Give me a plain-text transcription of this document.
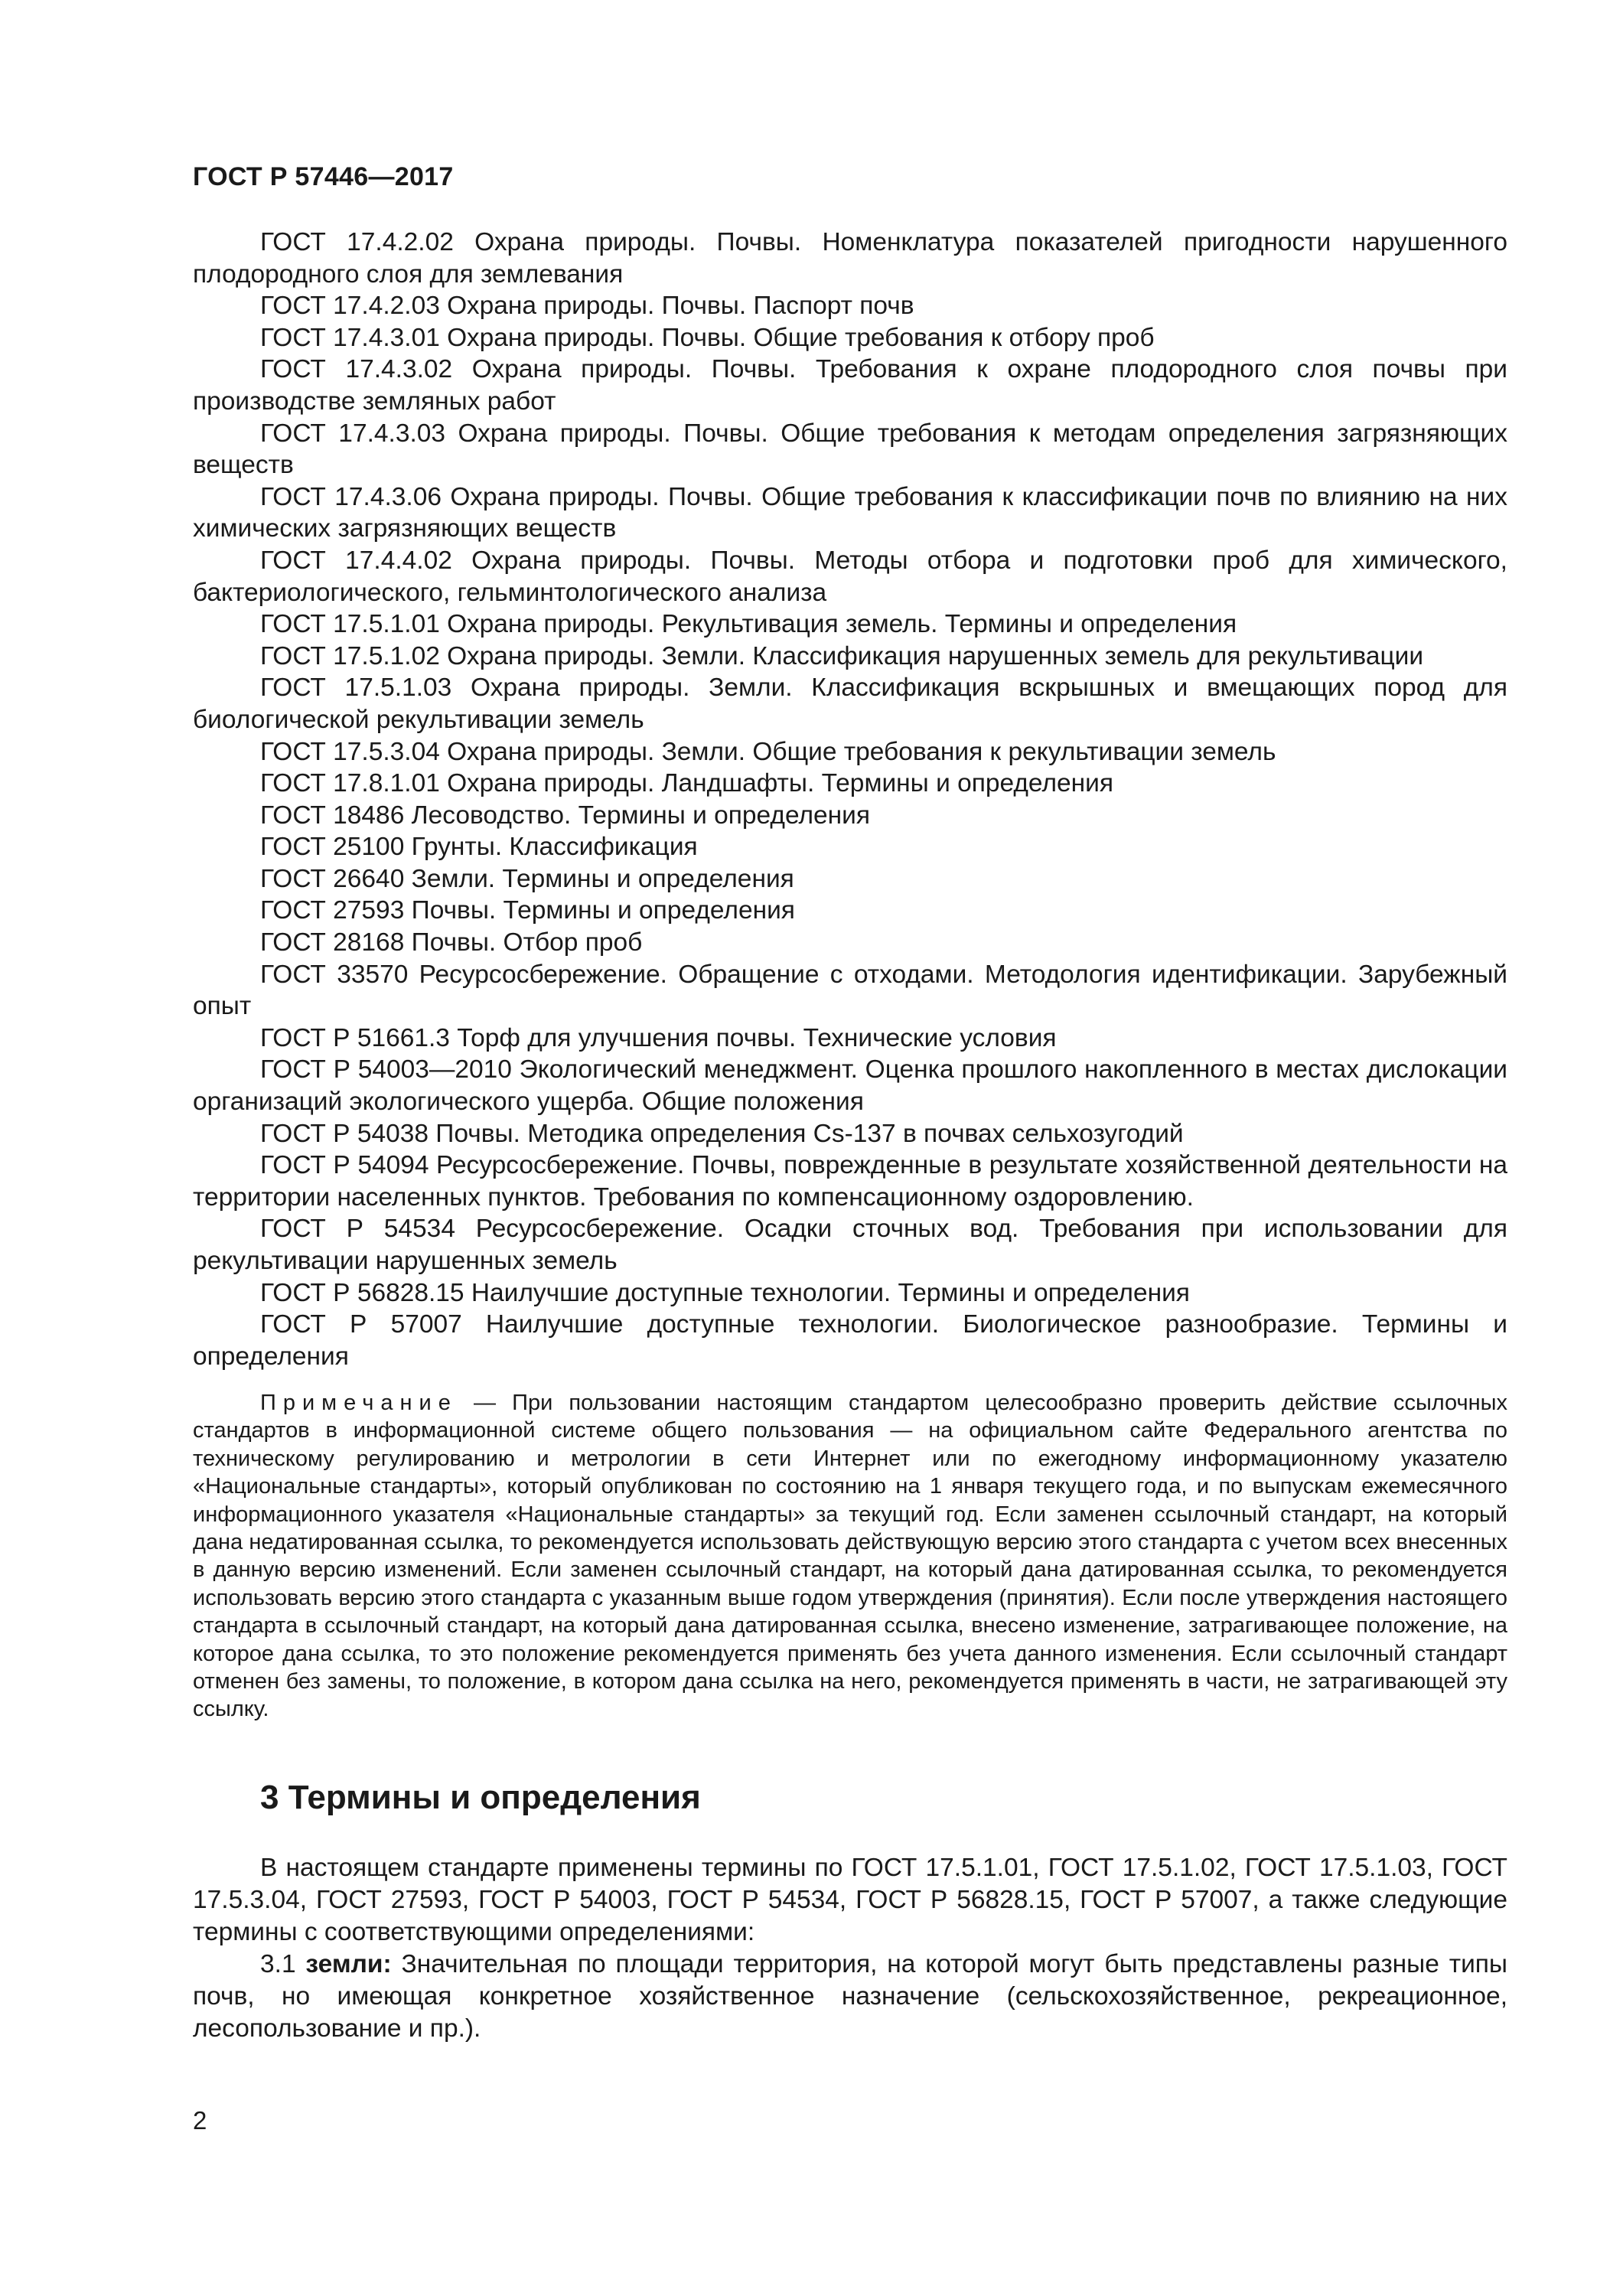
ГОСТ Р 57446—2017

ГОСТ 17.4.2.02 Охрана природы. Почвы. Номенклатура показателей пригодности нарушенного плодородного слоя для землевания

ГОСТ 17.4.2.03 Охрана природы. Почвы. Паспорт почв

ГОСТ 17.4.3.01 Охрана природы. Почвы. Общие требования к отбору проб

ГОСТ 17.4.3.02 Охрана природы. Почвы. Требования к охране плодородного слоя почвы при производстве земляных работ

ГОСТ 17.4.3.03 Охрана природы. Почвы. Общие требования к методам определения загрязняющих веществ

ГОСТ 17.4.3.06 Охрана природы. Почвы. Общие требования к классификации почв по влиянию на них химических загрязняющих веществ

ГОСТ 17.4.4.02 Охрана природы. Почвы. Методы отбора и подготовки проб для химического, бактериологического, гельминтологического анализа

ГОСТ 17.5.1.01 Охрана природы. Рекультивация земель. Термины и определения

ГОСТ 17.5.1.02 Охрана природы. Земли. Классификация нарушенных земель для рекультивации

ГОСТ 17.5.1.03 Охрана природы. Земли. Классификация вскрышных и вмещающих пород для биологической рекультивации земель

ГОСТ 17.5.3.04 Охрана природы. Земли. Общие требования к рекультивации земель

ГОСТ 17.8.1.01 Охрана природы. Ландшафты. Термины и определения

ГОСТ 18486 Лесоводство. Термины и определения

ГОСТ 25100 Грунты. Классификация

ГОСТ 26640 Земли. Термины и определения

ГОСТ 27593 Почвы. Термины и определения

ГОСТ 28168 Почвы. Отбор проб

ГОСТ 33570 Ресурсосбережение. Обращение с отходами. Методология идентификации. Зарубежный опыт

ГОСТ Р 51661.3 Торф для улучшения почвы. Технические условия

ГОСТ Р 54003—2010 Экологический менеджмент. Оценка прошлого накопленного в местах дислокации организаций экологического ущерба. Общие положения

ГОСТ Р 54038 Почвы. Методика определения Cs-137 в почвах сельхозугодий

ГОСТ Р 54094 Ресурсосбережение. Почвы, поврежденные в результате хозяйственной деятельности на территории населенных пунктов. Требования по компенсационному оздоровлению.

ГОСТ Р 54534 Ресурсосбережение. Осадки сточных вод. Требования при использовании для рекультивации нарушенных земель

ГОСТ Р 56828.15 Наилучшие доступные технологии. Термины и определения

ГОСТ Р 57007 Наилучшие доступные технологии. Биологическое разнообразие. Термины и определения

Примечание — При пользовании настоящим стандартом целесообразно проверить действие ссылочных стандартов в информационной системе общего пользования — на официальном сайте Федерального агентства по техническому регулированию и метрологии в сети Интернет или по ежегодному информационному указателю «Национальные стандарты», который опубликован по состоянию на 1 января текущего года, и по выпускам ежемесячного информационного указателя «Национальные стандарты» за текущий год. Если заменен ссылочный стандарт, на который дана недатированная ссылка, то рекомендуется использовать действующую версию этого стандарта с учетом всех внесенных в данную версию изменений. Если заменен ссылочный стандарт, на который дана датированная ссылка, то рекомендуется использовать версию этого стандарта с указанным выше годом утверждения (принятия). Если после утверждения настоящего стандарта в ссылочный стандарт, на который дана датированная ссылка, внесено изменение, затрагивающее положение, на которое дана ссылка, то это положение рекомендуется применять без учета данного изменения. Если ссылочный стандарт отменен без замены, то положение, в котором дана ссылка на него, рекомендуется применять в части, не затрагивающей эту ссылку.

3 Термины и определения

В настоящем стандарте применены термины по ГОСТ 17.5.1.01, ГОСТ 17.5.1.02, ГОСТ 17.5.1.03, ГОСТ 17.5.3.04, ГОСТ 27593, ГОСТ Р 54003, ГОСТ Р 54534, ГОСТ Р 56828.15, ГОСТ Р 57007, а также следующие термины с соответствующими определениями:

3.1 земли: Значительная по площади территория, на которой могут быть представлены разные типы почв, но имеющая конкретное хозяйственное назначение (сельскохозяйственное, рекреационное, лесопользование и пр.).

2
